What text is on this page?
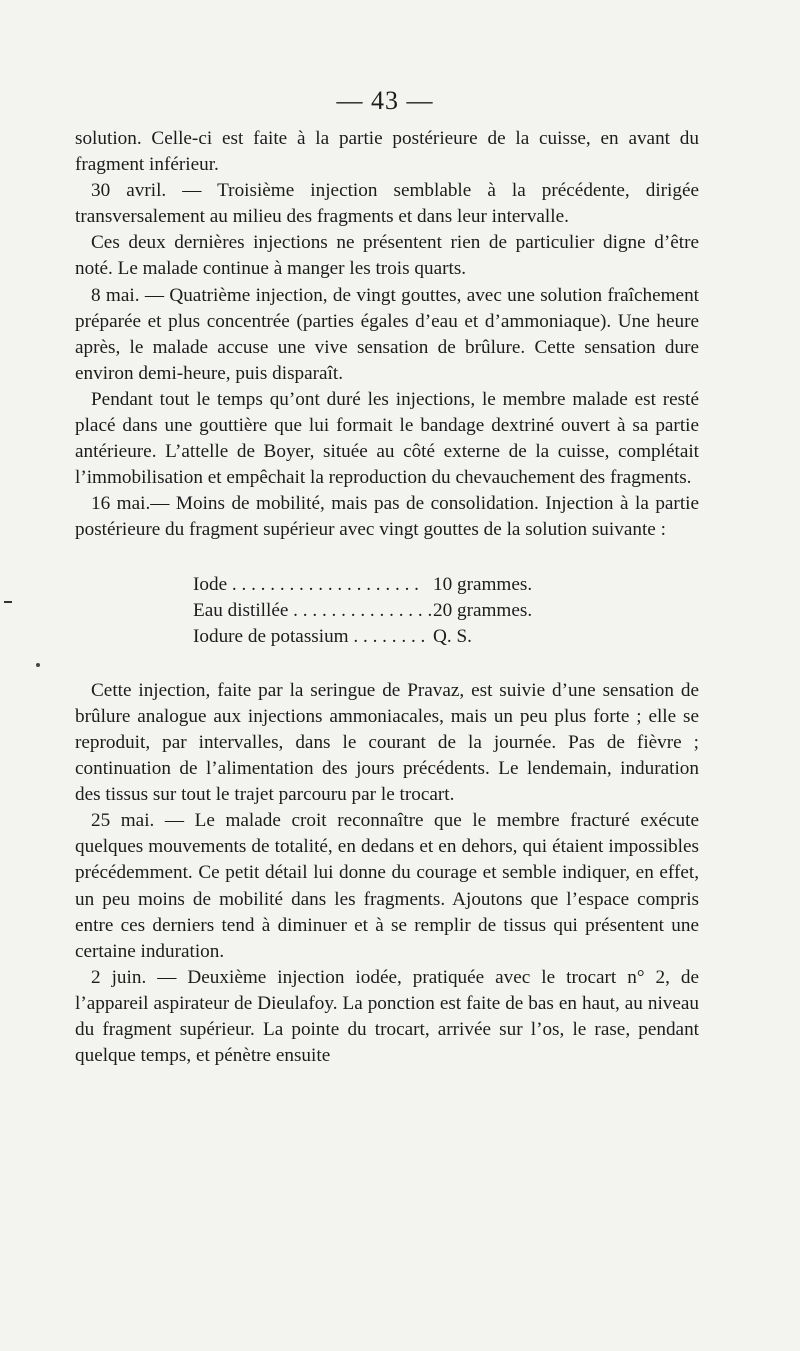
— 43 —

solution. Celle-ci est faite à la partie postérieure de la cuisse, en avant du fragment inférieur.

30 avril. — Troisième injection semblable à la précédente, dirigée transversalement au milieu des fragments et dans leur intervalle.

Ces deux dernières injections ne présentent rien de particulier digne d’être noté. Le malade continue à manger les trois quarts.

8 mai. — Quatrième injection, de vingt gouttes, avec une solution fraîchement préparée et plus concentrée (parties égales d’eau et d’ammoniaque). Une heure après, le malade accuse une vive sensation de brûlure. Cette sensation dure environ demi-heure, puis disparaît.

Pendant tout le temps qu’ont duré les injections, le membre malade est resté placé dans une gouttière que lui formait le bandage dextriné ouvert à sa partie antérieure. L’attelle de Boyer, située au côté externe de la cuisse, complétait l’immobilisation et empêchait la reproduction du chevauchement des fragments.

16 mai.— Moins de mobilité, mais pas de consolidation. Injection à la partie postérieure du fragment supérieur avec vingt gouttes de la solution suivante :

Iode . . . . . . . . . . . . . . . . . . . . 10 grammes.
Eau distillée . . . . . . . . . . . . . . . 20 grammes.
Iodure de potassium . . . . . . . . Q. S.

Cette injection, faite par la seringue de Pravaz, est suivie d’une sensation de brûlure analogue aux injections ammoniacales, mais un peu plus forte ; elle se reproduit, par intervalles, dans le courant de la journée. Pas de fièvre ; continuation de l’alimentation des jours précédents. Le lendemain, induration des tissus sur tout le trajet parcouru par le trocart.

25 mai. — Le malade croit reconnaître que le membre fracturé exécute quelques mouvements de totalité, en dedans et en dehors, qui étaient impossibles précédemment. Ce petit détail lui donne du courage et semble indiquer, en effet, un peu moins de mobilité dans les fragments. Ajoutons que l’espace compris entre ces derniers tend à diminuer et à se remplir de tissus qui présentent une certaine induration.

2 juin. — Deuxième injection iodée, pratiquée avec le trocart n° 2, de l’appareil aspirateur de Dieulafoy. La ponction est faite de bas en haut, au niveau du fragment supérieur. La pointe du trocart, arrivée sur l’os, le rase, pendant quelque temps, et pénètre ensuite
